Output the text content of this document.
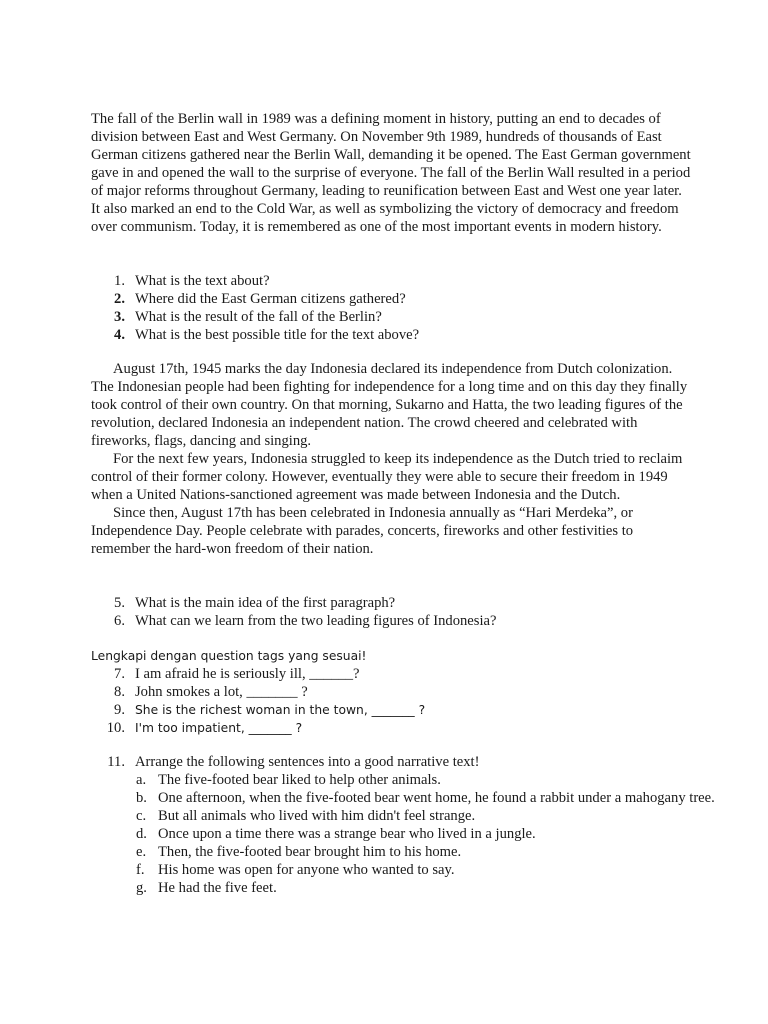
The fall of the Berlin wall in 1989 was a defining moment in history, putting an end to decades of division between East and West Germany. On November 9th 1989, hundreds of thousands of East German citizens gathered near the Berlin Wall, demanding it be opened. The East German government gave in and opened the wall to the surprise of everyone. The fall of the Berlin Wall resulted in a period of major reforms throughout Germany, leading to reunification between East and West one year later. It also marked an end to the Cold War, as well as symbolizing the victory of democracy and freedom over communism. Today, it is remembered as one of the most important events in modern history.

1. What is the text about?
2. Where did the East German citizens gathered?
3. What is the result of the fall of the Berlin?
4. What is the best possible title for the text above?

August 17th, 1945 marks the day Indonesia declared its independence from Dutch colonization. The Indonesian people had been fighting for independence for a long time and on this day they finally took control of their own country. On that morning, Sukarno and Hatta, the two leading figures of the revolution, declared Indonesia an independent nation. The crowd cheered and celebrated with fireworks, flags, dancing and singing.

For the next few years, Indonesia struggled to keep its independence as the Dutch tried to reclaim control of their former colony. However, eventually they were able to secure their freedom in 1949 when a United Nations-sanctioned agreement was made between Indonesia and the Dutch.

Since then, August 17th has been celebrated in Indonesia annually as “Hari Merdeka”, or Independence Day. People celebrate with parades, concerts, fireworks and other festivities to remember the hard-won freedom of their nation.

5. What is the main idea of the first paragraph?
6. What can we learn from the two leading figures of Indonesia?
Lengkapi dengan question tags yang sesuai!
7. I am afraid he is seriously ill, ______?
8. John smokes a lot, _______ ?
9. She is the richest woman in the town, _______ ?
10. I'm too impatient, _______ ?
11. Arrange the following sentences into a good narrative text!
a. The five-footed bear liked to help other animals.
b. One afternoon, when the five-footed bear went home, he found a rabbit under a mahogany tree.
c. But all animals who lived with him didn't feel strange.
d. Once upon a time there was a strange bear who lived in a jungle.
e. Then, the five-footed bear brought him to his home.
f. His home was open for anyone who wanted to say.
g. He had the five feet.
